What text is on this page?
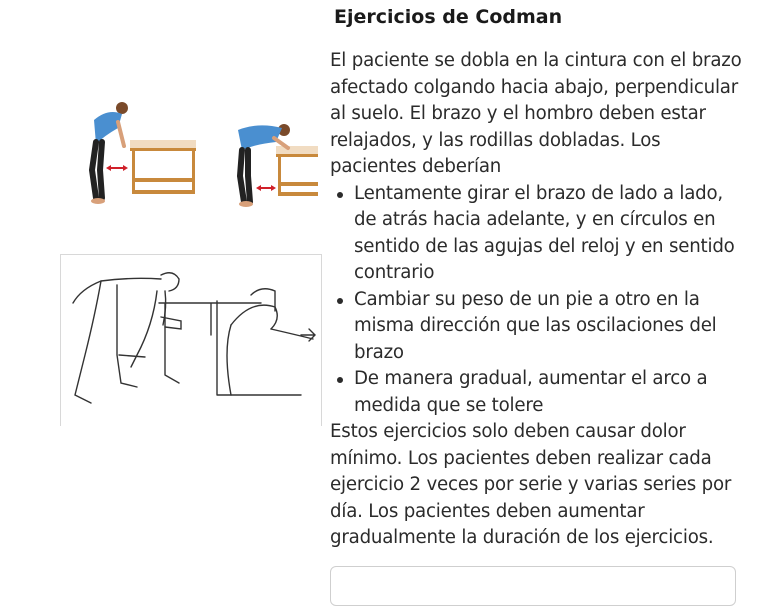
Ejercicios de Codman

El paciente se dobla en la cintura con el brazo afectado colgando hacia abajo, perpendicular al suelo. El brazo y el hombro deben estar relajados, y las rodillas dobladas. Los pacientes deberían

Lentamente girar el brazo de lado a lado, de atrás hacia adelante, y en círculos en sentido de las agujas del reloj y en sentido contrario
Cambiar su peso de un pie a otro en la misma dirección que las oscilaciones del brazo
De manera gradual, aumentar el arco a medida que se tolere

Estos ejercicios solo deben causar dolor mínimo. Los pacientes deben realizar cada ejercicio 2 veces por serie y varias series por día. Los pacientes deben aumentar gradualmente la duración de los ejercicios.
